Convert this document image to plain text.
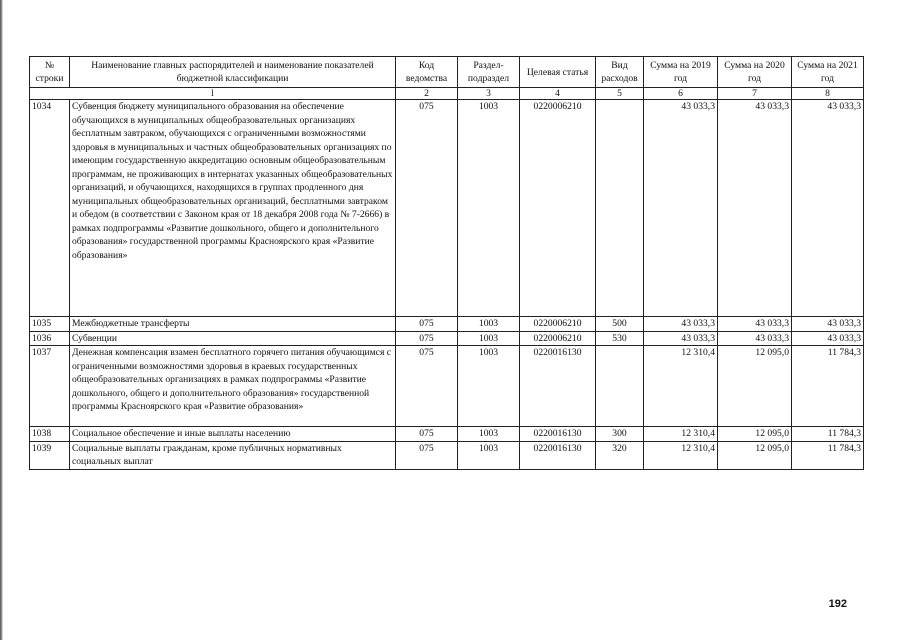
№ строки	Наименование главных распорядителей и наименование показателей бюджетной классификации	Код ведомства	Раздел-подраздел	Целевая статья	Вид расходов	Сумма на 2019 год	Сумма на 2020 год	Сумма на 2021 год
l		2	3	4	5	6	7	8
1034	Субвенция бюджету муниципального образования на обеспечение обучающихся в муниципальных общеобразовательных организациях бесплатным завтраком, обучающихся с ограниченными возможностями здоровья в муниципальных и частных общеобразовательных организациях по имеющим государственную аккредитацию основным общеобразовательным программам, не проживающих в интернатах указанных общеобразовательных организаций, и обучающихся, находящихся в группах продленного дня муниципальных общеобразовательных организаций, бесплатными завтраком и обедом (в соответствии с Законом края от 18 декабря 2008 года № 7-2666) в рамках подпрограммы «Развитие дошкольного, общего и дополнительного образования» государственной программы Красноярского края «Развитие образования»	075	1003	0220006210		43 033,3	43 033,3	43 033,3
1035	Межбюджетные трансферты	075	1003	0220006210	500	43 033,3	43 033,3	43 033,3
1036	Субвенции	075	1003	0220006210	530	43 033,3	43 033,3	43 033,3
1037	Денежная компенсация взамен бесплатного горячего питания обучающимся с ограниченными возможностями здоровья в краевых государственных общеобразовательных организациях в рамках подпрограммы «Развитие дошкольного, общего и дополнительного образования» государственной программы Красноярского края «Развитие образования»	075	1003	0220016130		12 310,4	12 095,0	11 784,3
1038	Социальное обеспечение и иные выплаты населению	075	1003	0220016130	300	12 310,4	12 095,0	11 784,3
1039	Социальные выплаты гражданам, кроме публичных нормативных социальных выплат	075	1003	0220016130	320	12 310,4	12 095,0	11 784,3
192
